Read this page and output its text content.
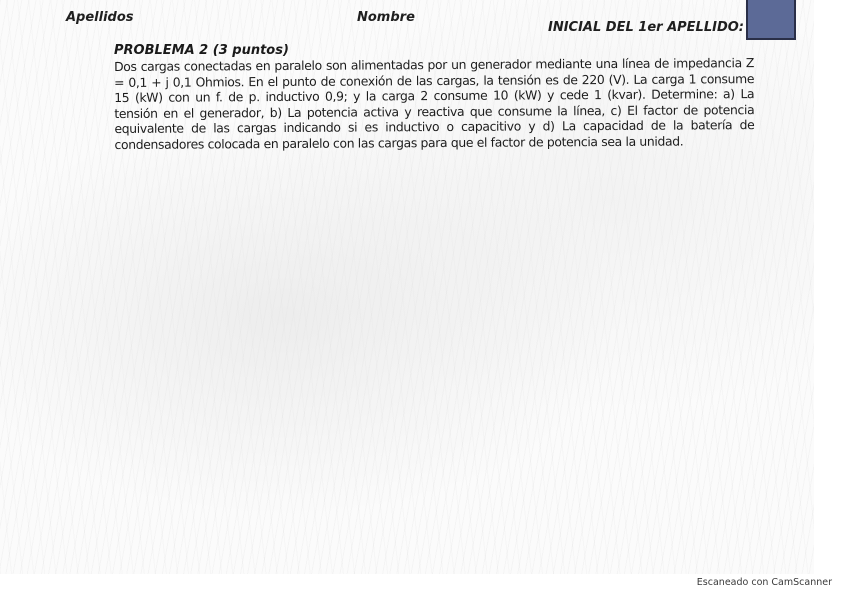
Apellidos	Nombre
INICIAL DEL 1er APELLIDO:
PROBLEMA 2 (3 puntos)
Dos cargas conectadas en paralelo son alimentadas por un generador mediante una línea de impedancia Z = 0,1 + j 0,1 Ohmios. En el punto de conexión de las cargas, la tensión es de 220 (V). La carga 1 consume 15 (kW) con un f. de p. inductivo 0,9; y la carga 2 consume 10 (kW) y cede 1 (kvar). Determine: a) La tensión en el generador, b) La potencia activa y reactiva que consume la línea, c) El factor de potencia equivalente de las cargas indicando si es inductivo o capacitivo y d) La capacidad de la batería de condensadores colocada en paralelo con las cargas para que el factor de potencia sea la unidad.
Escaneado con CamScanner
